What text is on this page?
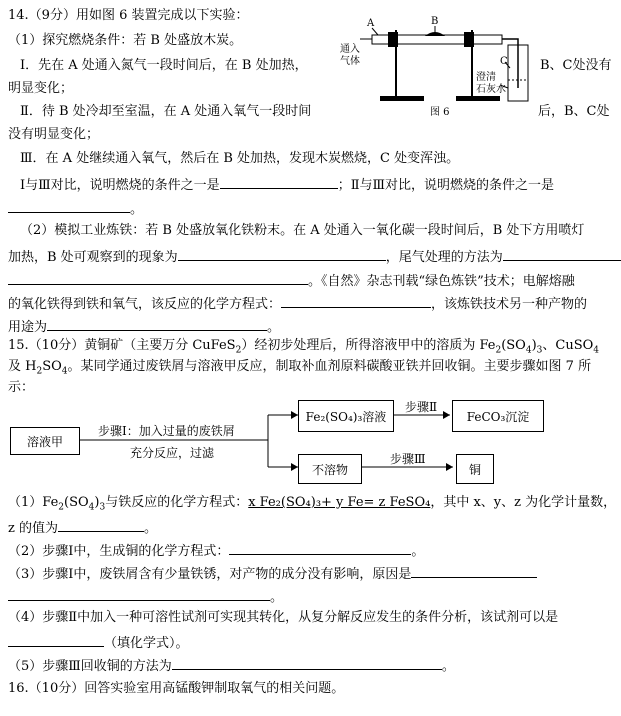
A	B
C
通入
气体
澄清
石灰水
图 6
14.（9分）用如图 6 装置完成以下实验：
（1）探究燃烧条件：若 B 处盛放木炭。
Ⅰ．先在 A 处通入氮气一段时间后，在 B 处加热，	B、C处没有
明显变化；
Ⅱ．待 B 处冷却至室温，在 A 处通入氧气一段时间	后，B、C处
没有明显变化；
Ⅲ．在 A 处继续通入氧气，然后在 B 处加热，发现木炭燃烧，C 处变浑浊。
Ⅰ与Ⅲ对比，说明燃烧的条件之一是	；Ⅱ与Ⅲ对比，说明燃烧的条件之一是
。
（2）模拟工业炼铁：若 B 处盛放氧化铁粉末。在 A 处通入一氧化碳一段时间后，B 处下方用喷灯
加热，B 处可观察到的现象为	，尾气处理的方法为
。《自然》杂志刊载“绿色炼铁”技术；电解熔融
的氧化铁得到铁和氧气，该反应的化学方程式：	，该炼铁技术另一种产物的
用途为	。
15.（10分）黄铜矿（主要万分 CuFeS$_2$）经初步处理后，所得溶液甲中的溶质为 $Fe_2(SO_4)_3$、CuSO$_4$
及 $H_2SO_4$。某同学通过废铁屑与溶液甲反应，制取补血剂原料碳酸亚铁并回收铜。主要步骤如图 7 所
示：
溶液甲
步骤Ⅰ：加入过量的废铁屑
充分反应，过滤
Fe₂(SO₄)₃溶液
步骤Ⅱ
FeCO₃沉淀
不溶物
步骤Ⅲ
铜
$(1)Fe_2(SO_4)_3$与铁反应的化学方程式：x Fe₂(SO₄)₃+ y Fe= z FeSO₄，其中 x、y、z 为化学计量数，
z 的值为	。
（2）步骤Ⅰ中，生成铜的化学方程式：	。
（3）步骤Ⅰ中，废铁屑含有少量铁锈，对产物的成分没有影响，原因是
。
（4）步骤Ⅱ中加入一种可溶性试剂可实现其转化，从复分解反应发生的条件分析，该试剂可以是
（填化学式）。
（5）步骤Ⅲ回收铜的方法为	。
16.（10分）回答实验室用高锰酸钾制取氧气的相关问题。
